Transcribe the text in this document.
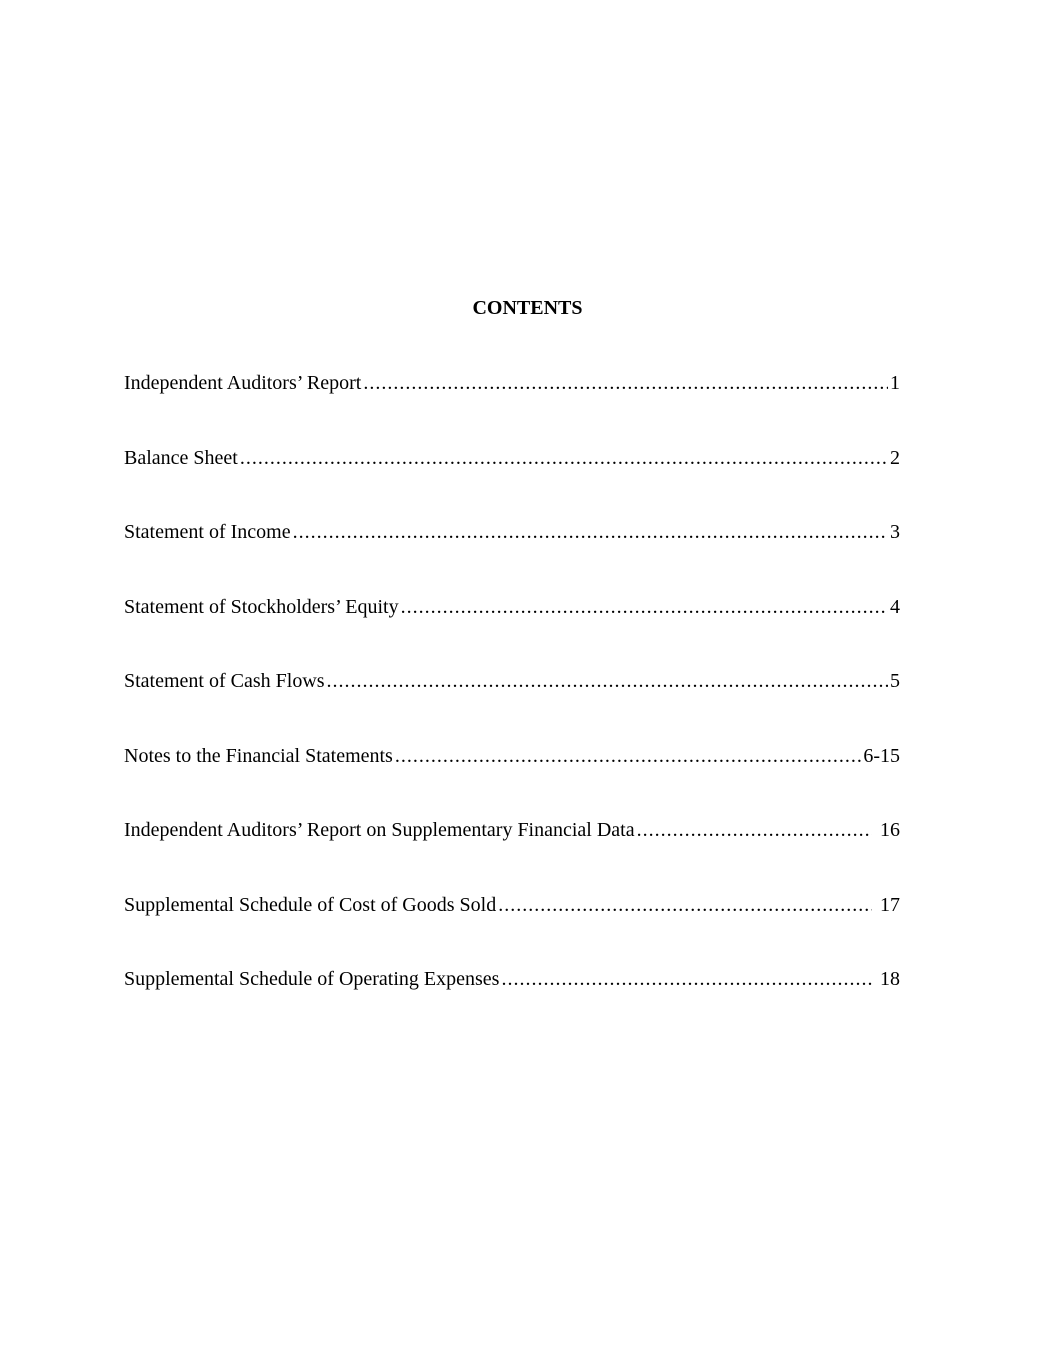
CONTENTS
Independent Auditors’ Report .....	1
Balance Sheet .....	2
Statement of Income .....	3
Statement of Stockholders’ Equity .....	4
Statement of Cash Flows .....	5
Notes to the Financial Statements .....	6-15
Independent Auditors’ Report on Supplementary Financial Data .....	16
Supplemental Schedule of Cost of Goods Sold .....	17
Supplemental Schedule of Operating Expenses .....	18
